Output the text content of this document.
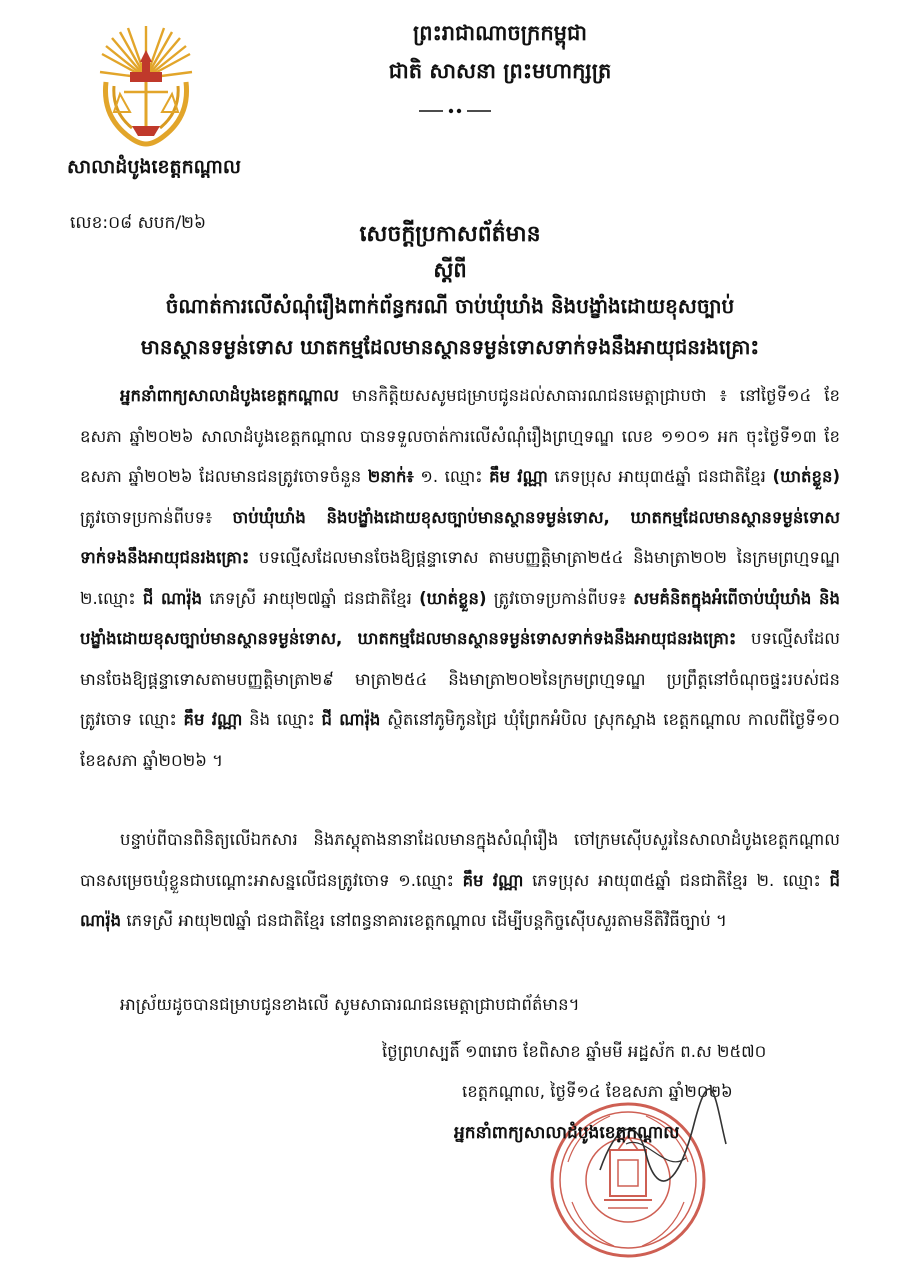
សាលាដំបូងខេត្តកណ្ដាល
លេខ:០៨ សបក/២៦
ព្រះរាជាណាចក្រកម្ពុជា
ជាតិ សាសនា ព្រះមហាក្សត្រ
សេចក្ដីប្រកាសព័ត៌មាន
ស្ដីពី
ចំណាត់ការលើសំណុំរឿងពាក់ព័ន្ធករណី ចាប់ឃុំឃាំង និងបង្ខាំងដោយខុសច្បាប់
មានស្ថានទម្ងន់ទោស ឃាតកម្មដែលមានស្ថានទម្ងន់ទោសទាក់ទងនឹងអាយុជនរងគ្រោះ
អ្នកនាំពាក្យសាលាដំបូងខេត្តកណ្ដាល មានកិត្តិយសសូមជម្រាបជូនដល់សាធារណជនមេត្តាជ្រាបថា ៖ នៅថ្ងៃទី១៤ ខែឧសភា ឆ្នាំ២០២៦ សាលាដំបូងខេត្តកណ្ដាល បានទទួលចាត់ការលើសំណុំរឿងព្រហ្មទណ្ឌ លេខ ១១០១ អក ចុះថ្ងៃទី១៣ ខែឧសភា ឆ្នាំ២០២៦ ដែលមានជនត្រូវចោទចំនួន ២នាក់៖ ១. ឈ្មោះ គឹម វណ្ណា ភេទប្រុស អាយុ៣៥ឆ្នាំ ជនជាតិខ្មែរ (ឃាត់ខ្លួន) ត្រូវចោទប្រកាន់ពីបទ៖ ចាប់ឃុំឃាំង និងបង្ខាំងដោយខុសច្បាប់មានស្ថានទម្ងន់ទោស, ឃាតកម្មដែលមានស្ថានទម្ងន់ទោសទាក់ទងនឹងអាយុជនរងគ្រោះ បទល្មើសដែលមានចែងឱ្យផ្ដន្ទាទោស តាមបញ្ញត្តិមាត្រា២៥៤ និងមាត្រា២០២ នៃក្រមព្រហ្មទណ្ឌ ២.ឈ្មោះ ជី ណារ៉ុង ភេទស្រី អាយុ២៧ឆ្នាំ ជនជាតិខ្មែរ (ឃាត់ខ្លួន) ត្រូវចោទប្រកាន់ពីបទ៖ សមគំនិតក្នុងអំពើចាប់ឃុំឃាំង និងបង្ខាំងដោយខុសច្បាប់មានស្ថានទម្ងន់ទោស, ឃាតកម្មដែលមានស្ថានទម្ងន់ទោសទាក់ទងនឹងអាយុជនរងគ្រោះ បទល្មើសដែលមានចែងឱ្យផ្ដន្ទាទោសតាមបញ្ញត្តិមាត្រា២៩ មាត្រា២៥៤ និងមាត្រា២០២នៃក្រមព្រហ្មទណ្ឌ ប្រព្រឹត្តនៅចំណុចផ្ទះរបស់ជនត្រូវចោទ ឈ្មោះ គឹម វណ្ណា និង ឈ្មោះ ជី ណារ៉ុង ស្ថិតនៅភូមិកូនជ្រៃ ឃុំព្រែកអំបិល ស្រុកស្អាង ខេត្តកណ្ដាល កាលពីថ្ងៃទី១០ ខែឧសភា ឆ្នាំ២០២៦ ។
បន្ទាប់ពីបានពិនិត្យលើឯកសារ និងភស្តុតាងនានាដែលមានក្នុងសំណុំរឿង ចៅក្រមស៊ើបសួរនៃសាលាដំបូងខេត្តកណ្ដាល បានសម្រេចឃុំខ្លួនជាបណ្ដោះអាសន្នលើជនត្រូវចោទ ១.ឈ្មោះ គឹម វណ្ណា ភេទប្រុស អាយុ៣៥ឆ្នាំ ជនជាតិខ្មែរ ២. ឈ្មោះ ជី ណារ៉ុង ភេទស្រី អាយុ២៧ឆ្នាំ ជនជាតិខ្មែរ នៅពន្ធនាគារខេត្តកណ្ដាល ដើម្បីបន្តកិច្ចស៊ើបសួរតាមនីតិវិធីច្បាប់ ។
អាស្រ័យដូចបានជម្រាបជូនខាងលើ សូមសាធារណជនមេត្តាជ្រាបជាព័ត៌មាន។
ថ្ងៃព្រហស្បតិ៍ ១៣រោច ខែពិសាខ ឆ្នាំមមី អដ្ឋស័ក ព.ស ២៥៧០
ខេត្តកណ្ដាល, ថ្ងៃទី១៤ ខែឧសភា ឆ្នាំ២០២៦
អ្នកនាំពាក្យសាលាដំបូងខេត្តកណ្ដាល
